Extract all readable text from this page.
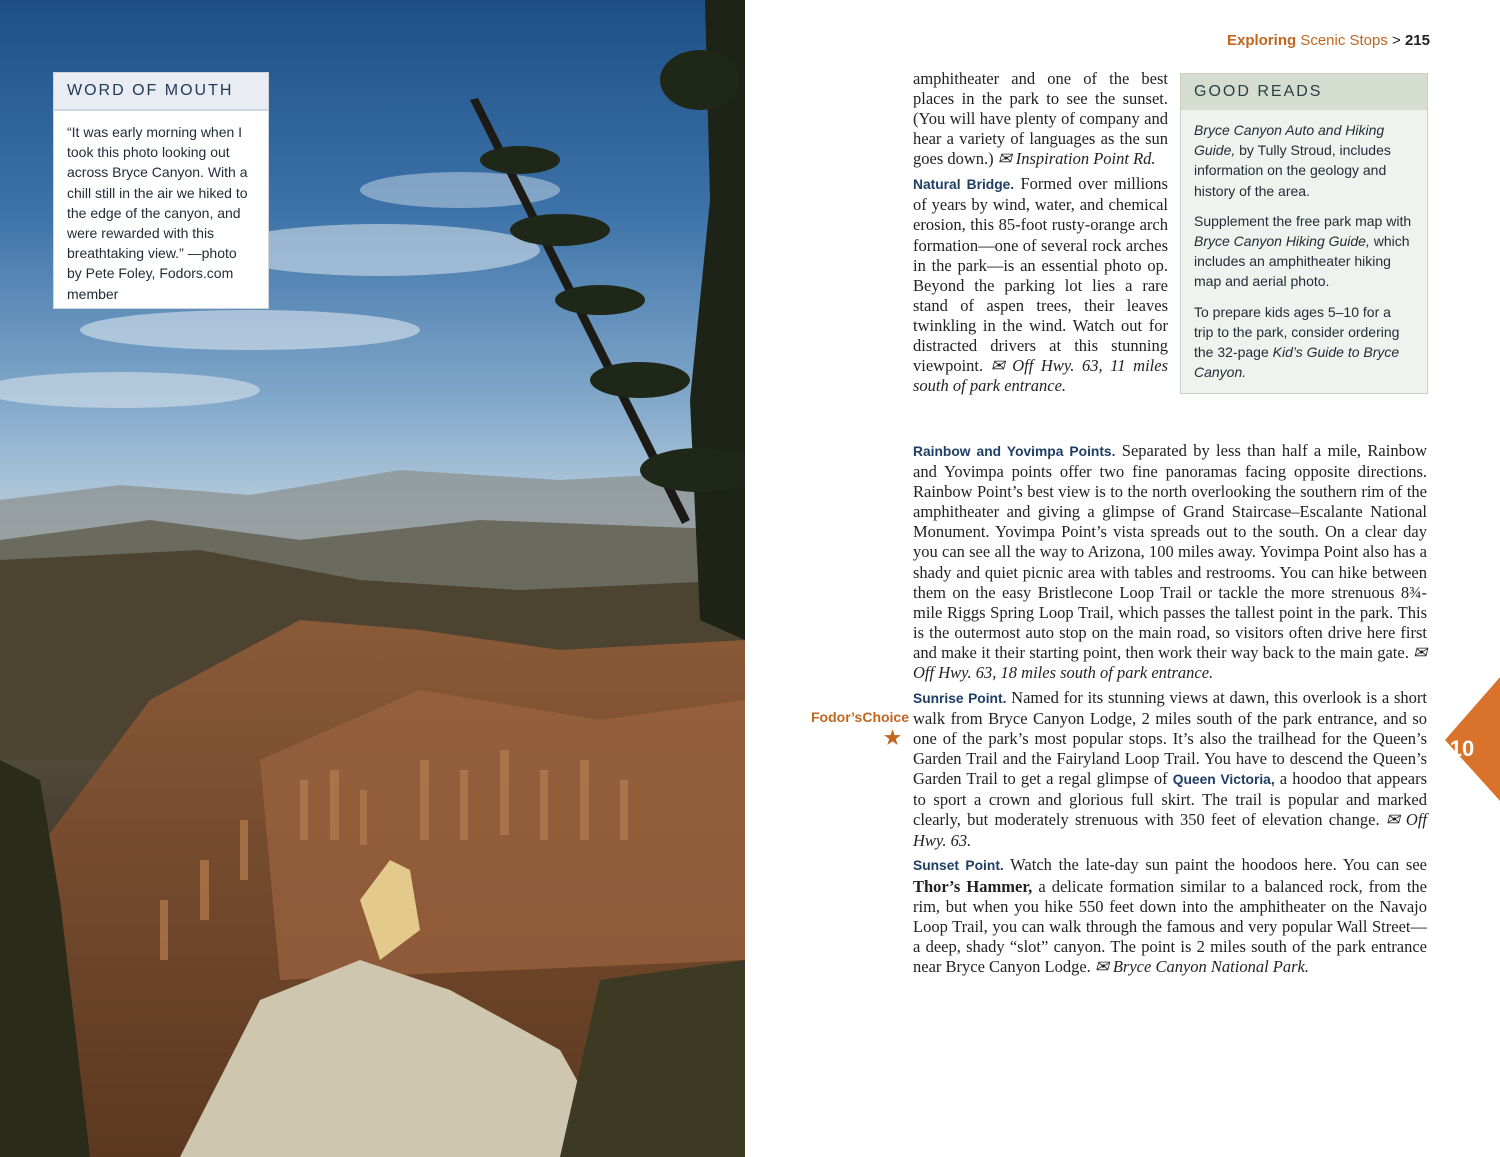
WORD OF MOUTH
“It was early morning when I took this photo looking out across Bryce Canyon. With a chill still in the air we hiked to the edge of the canyon, and were rewarded with this breathtaking view.” —photo by Pete Foley, Fodors.com member
Exploring Scenic Stops > 215

amphitheater and one of the best places in the park to see the sunset. (You will have plenty of company and hear a variety of languages as the sun goes down.) ✉ Inspiration Point Rd.

Natural Bridge. Formed over millions of years by wind, water, and chemical erosion, this 85-foot rusty-orange arch formation—one of several rock arches in the park—is an essential photo op. Beyond the parking lot lies a rare stand of aspen trees, their leaves twinkling in the wind. Watch out for distracted drivers at this stunning viewpoint. ✉ Off Hwy. 63, 11 miles south of park entrance.

GOOD READS

Bryce Canyon Auto and Hiking Guide, by Tully Stroud, includes information on the geology and history of the area.

Supplement the free park map with Bryce Canyon Hiking Guide, which includes an amphitheater hiking map and aerial photo.

To prepare kids ages 5–10 for a trip to the park, consider ordering the 32-page Kid’s Guide to Bryce Canyon.

Rainbow and Yovimpa Points. Separated by less than half a mile, Rainbow and Yovimpa points offer two fine panoramas facing opposite directions. Rainbow Point’s best view is to the north overlooking the southern rim of the amphitheater and giving a glimpse of Grand Staircase–Escalante National Monument. Yovimpa Point’s vista spreads out to the south. On a clear day you can see all the way to Arizona, 100 miles away. Yovimpa Point also has a shady and quiet picnic area with tables and restrooms. You can hike between them on the easy Bristlecone Loop Trail or tackle the more strenuous 8¾-mile Riggs Spring Loop Trail, which passes the tallest point in the park. This is the outermost auto stop on the main road, so visitors often drive here first and make it their starting point, then work their way back to the main gate. ✉ Off Hwy. 63, 18 miles south of park entrance.

Sunrise Point. Named for its stunning views at dawn, this overlook is a short walk from Bryce Canyon Lodge, 2 miles south of the park entrance, and so one of the park’s most popular stops. It’s also the trailhead for the Queen’s Garden Trail and the Fairyland Loop Trail. You have to descend the Queen’s Garden Trail to get a regal glimpse of Queen Victoria, a hoodoo that appears to sport a crown and glorious full skirt. The trail is popular and marked clearly, but moderately strenuous with 350 feet of elevation change. ✉ Off Hwy. 63.

Sunset Point. Watch the late-day sun paint the hoodoos here. You can see Thor’s Hammer, a delicate formation similar to a balanced rock, from the rim, but when you hike 550 feet down into the amphitheater on the Navajo Loop Trail, you can walk through the famous and very popular Wall Street—a deep, shady “slot” canyon. The point is 2 miles south of the park entrance near Bryce Canyon Lodge. ✉ Bryce Canyon National Park.

Fodor’sChoice
★	10
